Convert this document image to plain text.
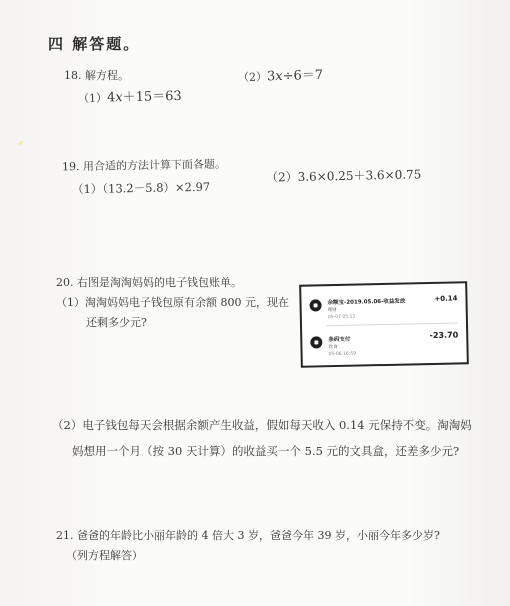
四 解答题。
18. 解方程。
（1）4x＋15＝63
（2）3x÷6＝7
19. 用合适的方法计算下面各题。
（1）（13.2－5.8）×2.97
（2）3.6×0.25＋3.6×0.75
20. 右图是淘淘妈妈的电子钱包账单。
（1）淘淘妈妈电子钱包原有余额 800 元，现在
还剩多少元?
余额宝-2019.05.06-收益发放
理财
05-07 05:13
+0.14
条码支付
饮食
05-06 16:59
-23.70
（2）电子钱包每天会根据余额产生收益，假如每天收入 0.14 元保持不变。淘淘妈
妈想用一个月（按 30 天计算）的收益买一个 5.5 元的文具盒，还差多少元?
21. 爸爸的年龄比小丽年龄的 4 倍大 3 岁，爸爸今年 39 岁，小丽今年多少岁?
（列方程解答）
